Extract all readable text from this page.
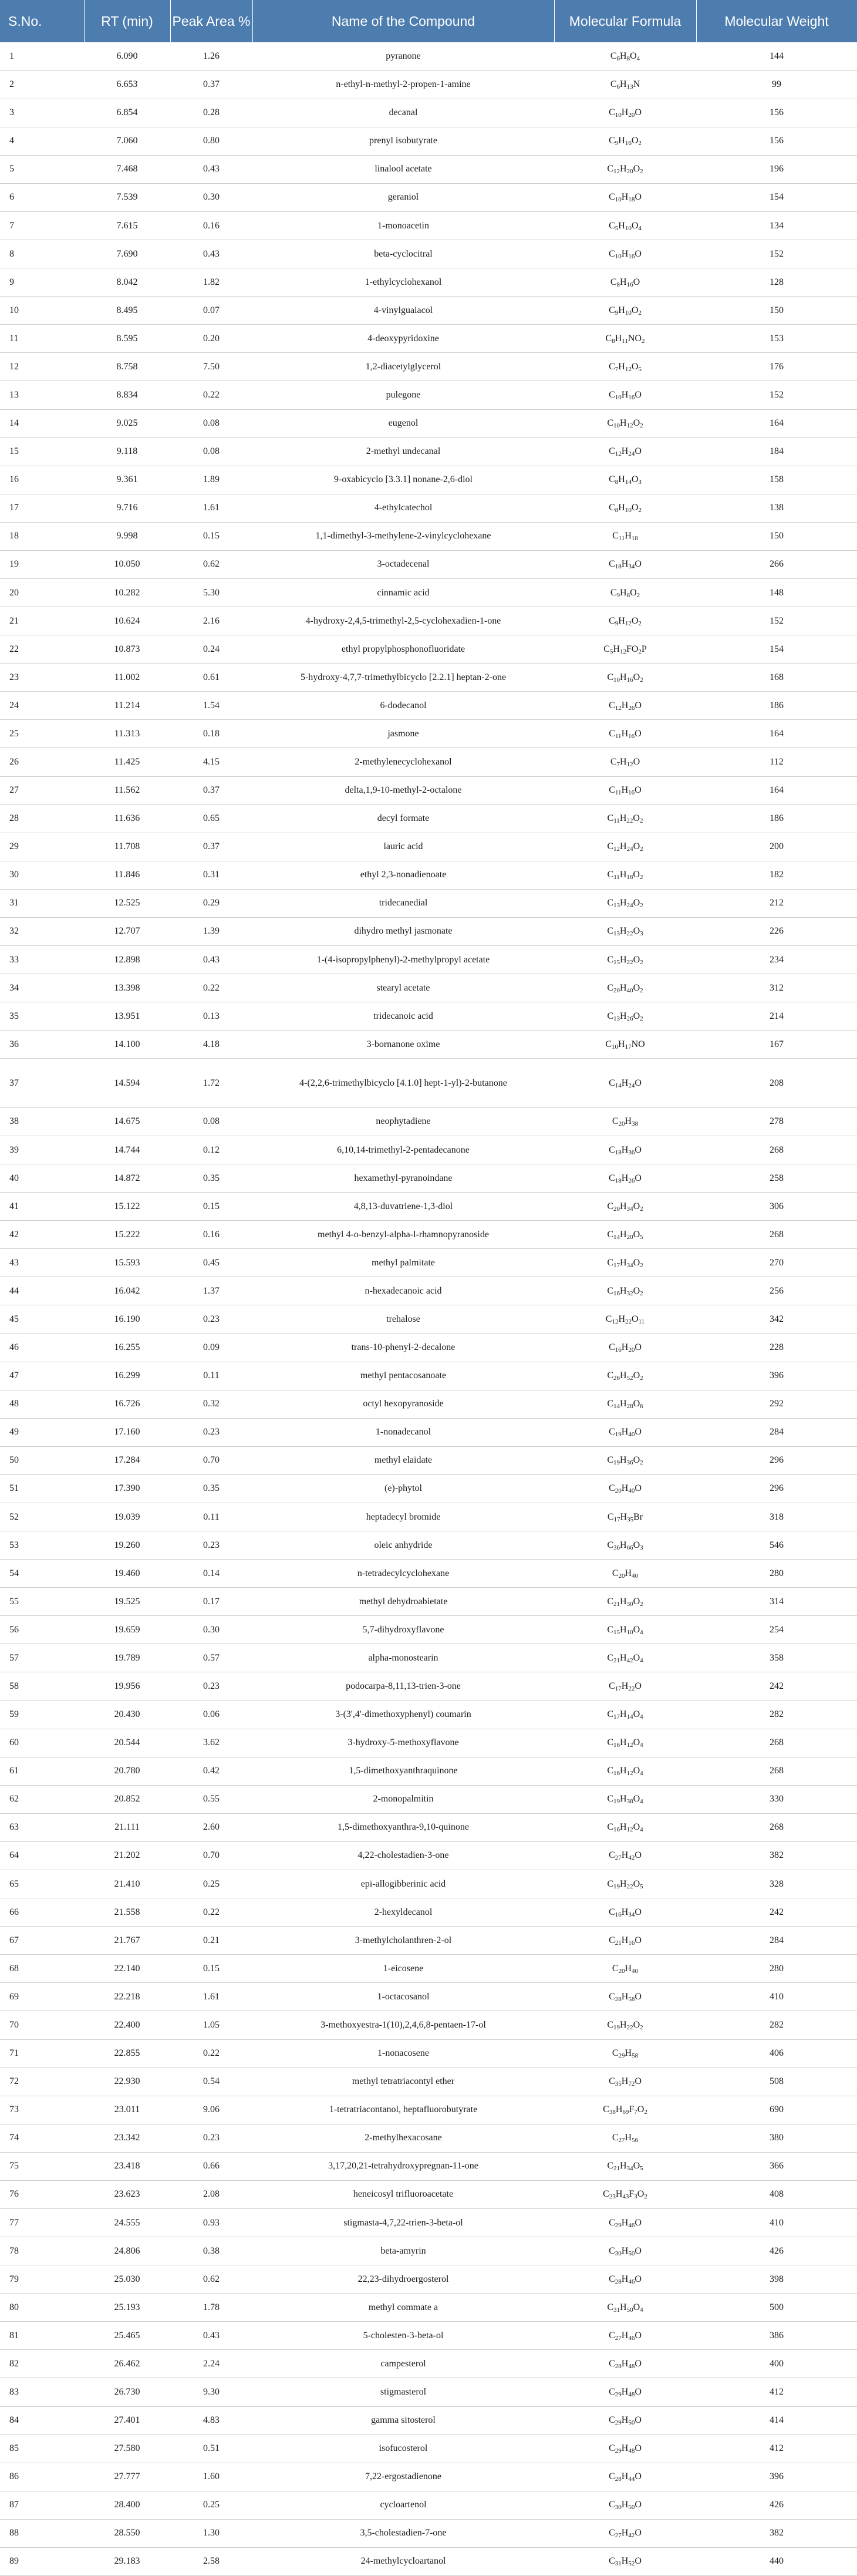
S.No.	RT (min)	Peak Area %	Name of the Compound	Molecular Formula	Molecular Weight
1	6.090	1.26	pyranone	$C_6H_8O_4$	144
2	6.653	0.37	n-ethyl-n-methyl-2-propen-1-amine	$C_6H_{13}N$	99
3	6.854	0.28	decanal	$C_{10}H_{20}O$	156
4	7.060	0.80	prenyl isobutyrate	$C_9H_{16}O_2$	156
5	7.468	0.43	linalool acetate	$C_{12}H_{20}O_2$	196
6	7.539	0.30	geraniol	$C_{10}H_{18}O$	154
7	7.615	0.16	1-monoacetin	$C_5H_{10}O_4$	134
8	7.690	0.43	beta-cyclocitral	$C_{10}H_{16}O$	152
9	8.042	1.82	1-ethylcyclohexanol	$C_8H_{16}O$	128
10	8.495	0.07	4-vinylguaiacol	$C_9H_{10}O_2$	150
11	8.595	0.20	4-deoxypyridoxine	$C_8H_{11}NO_2$	153
12	8.758	7.50	1,2-diacetylglycerol	$C_7H_{12}O_5$	176
13	8.834	0.22	pulegone	$C_{10}H_{16}O$	152
14	9.025	0.08	eugenol	$C_{10}H_{12}O_2$	164
15	9.118	0.08	2-methyl undecanal	$C_{12}H_{24}O$	184
16	9.361	1.89	9-oxabicyclo [3.3.1] nonane-2,6-diol	$C_8H_{14}O_3$	158
17	9.716	1.61	4-ethylcatechol	$C_8H_{10}O_2$	138
18	9.998	0.15	1,1-dimethyl-3-methylene-2-vinylcyclohexane	$C_{11}H_{18}$	150
19	10.050	0.62	3-octadecenal	$C_{18}H_{34}O$	266
20	10.282	5.30	cinnamic acid	$C_9H_8O_2$	148
21	10.624	2.16	4-hydroxy-2,4,5-trimethyl-2,5-cyclohexadien-1-one	$C_9H_{12}O_2$	152
22	10.873	0.24	ethyl propylphosphonofluoridate	$C_5H_{12}FO_2P$	154
23	11.002	0.61	5-hydroxy-4,7,7-trimethylbicyclo [2.2.1] heptan-2-one	$C_{10}H_{16}O_2$	168
24	11.214	1.54	6-dodecanol	$C_{12}H_{26}O$	186
25	11.313	0.18	jasmone	$C_{11}H_{16}O$	164
26	11.425	4.15	2-methylenecyclohexanol	$C_7H_{12}O$	112
27	11.562	0.37	delta,1,9-10-methyl-2-octalone	$C_{11}H_{16}O$	164
28	11.636	0.65	decyl formate	$C_{11}H_{22}O_2$	186
29	11.708	0.37	lauric acid	$C_{12}H_{24}O_2$	200
30	11.846	0.31	ethyl 2,3-nonadienoate	$C_{11}H_{18}O_2$	182
31	12.525	0.29	tridecanedial	$C_{13}H_{24}O_2$	212
32	12.707	1.39	dihydro methyl jasmonate	$C_{13}H_{22}O_3$	226
33	12.898	0.43	1-(4-isopropylphenyl)-2-methylpropyl acetate	$C_{15}H_{22}O_2$	234
34	13.398	0.22	stearyl acetate	$C_{20}H_{40}O_2$	312
35	13.951	0.13	tridecanoic acid	$C_{13}H_{26}O_2$	214
36	14.100	4.18	3-bornanone oxime	$C_{10}H_{17}NO$	167
37	14.594	1.72	4-(2,2,6-trimethylbicyclo [4.1.0] hept-1-yl)-2-butanone	$C_{14}H_{24}O$	208
38	14.675	0.08	neophytadiene	$C_{20}H_{38}$	278
39	14.744	0.12	6,10,14-trimethyl-2-pentadecanone	$C_{18}H_{36}O$	268
40	14.872	0.35	hexamethyl-pyranoindane	$C_{18}H_{26}O$	258
41	15.122	0.15	4,8,13-duvatriene-1,3-diol	$C_{20}H_{34}O_2$	306
42	15.222	0.16	methyl 4-o-benzyl-alpha-l-rhamnopyranoside	$C_{14}H_{20}O_5$	268
43	15.593	0.45	methyl palmitate	$C_{17}H_{34}O_2$	270
44	16.042	1.37	n-hexadecanoic acid	$C_{16}H_{32}O_2$	256
45	16.190	0.23	trehalose	$C_{12}H_{22}O_{11}$	342
46	16.255	0.09	trans-10-phenyl-2-decalone	$C_{16}H_{20}O$	228
47	16.299	0.11	methyl pentacosanoate	$C_{26}H_{52}O_2$	396
48	16.726	0.32	octyl hexopyranoside	$C_{14}H_{28}O_6$	292
49	17.160	0.23	1-nonadecanol	$C_{19}H_{40}O$	284
50	17.284	0.70	methyl elaidate	$C_{19}H_{36}O_2$	296
51	17.390	0.35	(e)-phytol	$C_{20}H_{40}O$	296
52	19.039	0.11	heptadecyl bromide	$C_{17}H_{35}Br$	318
53	19.260	0.23	oleic anhydride	$C_{36}H_{66}O_3$	546
54	19.460	0.14	n-tetradecylcyclohexane	$C_{20}H_{40}$	280
55	19.525	0.17	methyl dehydroabietate	$C_{21}H_{30}O_2$	314
56	19.659	0.30	5,7-dihydroxyflavone	$C_{15}H_{10}O_4$	254
57	19.789	0.57	alpha-monostearin	$C_{21}H_{42}O_4$	358
58	19.956	0.23	podocarpa-8,11,13-trien-3-one	$C_{17}H_{22}O$	242
59	20.430	0.06	3-(3',4'-dimethoxyphenyl) coumarin	$C_{17}H_{14}O_4$	282
60	20.544	3.62	3-hydroxy-5-methoxyflavone	$C_{16}H_{12}O_4$	268
61	20.780	0.42	1,5-dimethoxyanthraquinone	$C_{16}H_{12}O_4$	268
62	20.852	0.55	2-monopalmitin	$C_{19}H_{38}O_4$	330
63	21.111	2.60	1,5-dimethoxyanthra-9,10-quinone	$C_{16}H_{12}O_4$	268
64	21.202	0.70	4,22-cholestadien-3-one	$C_{27}H_{42}O$	382
65	21.410	0.25	epi-allogibberinic acid	$C_{19}H_{22}O_5$	328
66	21.558	0.22	2-hexyldecanol	$C_{16}H_{34}O$	242
67	21.767	0.21	3-methylcholanthren-2-ol	$C_{21}H_{16}O$	284
68	22.140	0.15	1-eicosene	$C_{20}H_{40}$	280
69	22.218	1.61	1-octacosanol	$C_{28}H_{58}O$	410
70	22.400	1.05	3-methoxyestra-1(10),2,4,6,8-pentaen-17-ol	$C_{19}H_{22}O_2$	282
71	22.855	0.22	1-nonacosene	$C_{29}H_{58}$	406
72	22.930	0.54	methyl tetratriacontyl ether	$C_{35}H_{72}O$	508
73	23.011	9.06	1-tetratriacontanol, heptafluorobutyrate	$C_{38}H_{69}F_7O_2$	690
74	23.342	0.23	2-methylhexacosane	$C_{27}H_{56}$	380
75	23.418	0.66	3,17,20,21-tetrahydroxypregnan-11-one	$C_{21}H_{34}O_5$	366
76	23.623	2.08	heneicosyl trifluoroacetate	$C_{23}H_{43}F_3O_2$	408
77	24.555	0.93	stigmasta-4,7,22-trien-3-beta-ol	$C_{29}H_{46}O$	410
78	24.806	0.38	beta-amyrin	$C_{30}H_{50}O$	426
79	25.030	0.62	22,23-dihydroergosterol	$C_{28}H_{46}O$	398
80	25.193	1.78	methyl commate a	$C_{31}H_{50}O_4$	500
81	25.465	0.43	5-cholesten-3-beta-ol	$C_{27}H_{46}O$	386
82	26.462	2.24	campesterol	$C_{28}H_{48}O$	400
83	26.730	9.30	stigmasterol	$C_{29}H_{48}O$	412
84	27.401	4.83	gamma sitosterol	$C_{29}H_{50}O$	414
85	27.580	0.51	isofucosterol	$C_{29}H_{48}O$	412
86	27.777	1.60	7,22-ergostadienone	$C_{28}H_{44}O$	396
87	28.400	0.25	cycloartenol	$C_{30}H_{50}O$	426
88	28.550	1.30	3,5-cholestadien-7-one	$C_{27}H_{42}O$	382
89	29.183	2.58	24-methylcycloartanol	$C_{31}H_{52}O$	440
